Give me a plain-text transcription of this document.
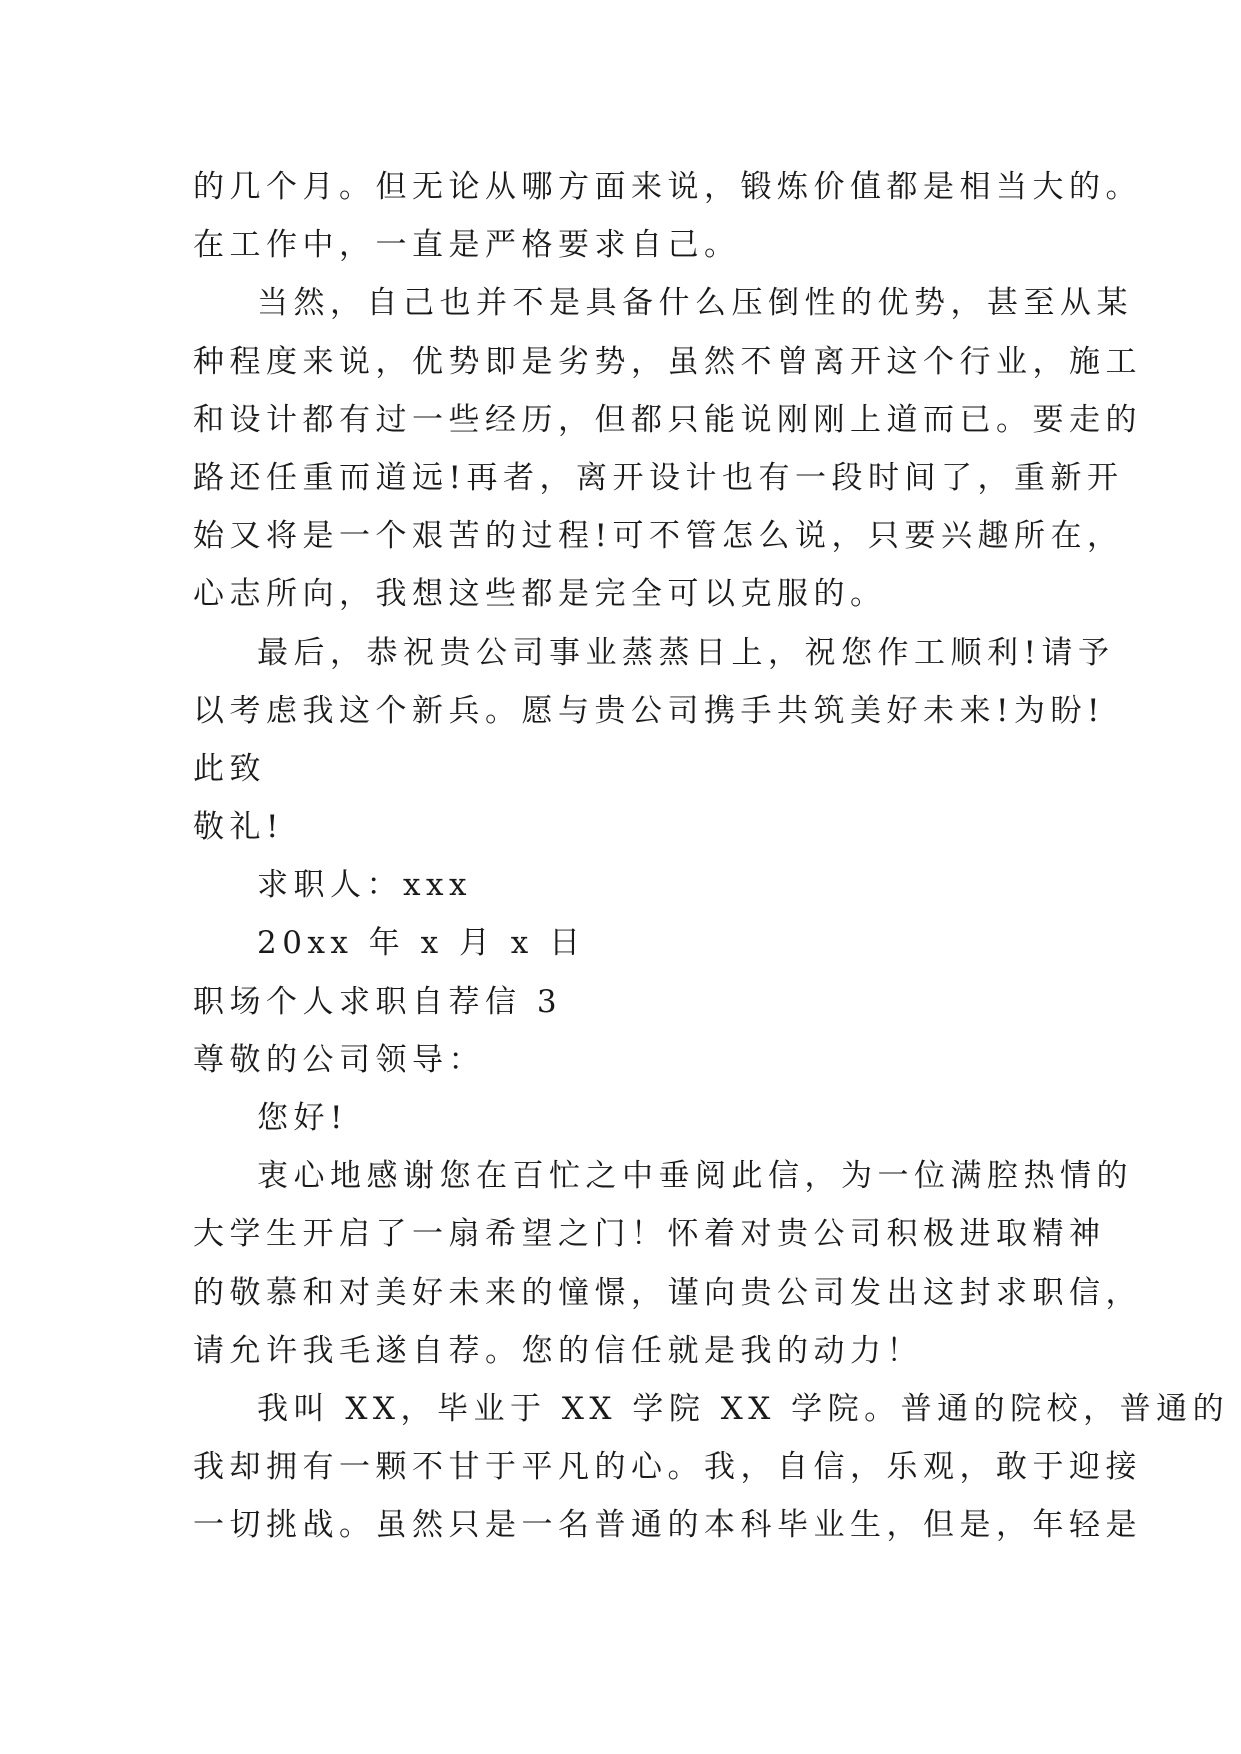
的几个月。但无论从哪方面来说，锻炼价值都是相当大的。
在工作中，一直是严格要求自己。
当然，自己也并不是具备什么压倒性的优势，甚至从某
种程度来说，优势即是劣势，虽然不曾离开这个行业，施工
和设计都有过一些经历，但都只能说刚刚上道而已。要走的
路还任重而道远!再者，离开设计也有一段时间了，重新开
始又将是一个艰苦的过程!可不管怎么说，只要兴趣所在，
心志所向，我想这些都是完全可以克服的。
最后，恭祝贵公司事业蒸蒸日上，祝您作工顺利!请予
以考虑我这个新兵。愿与贵公司携手共筑美好未来!为盼!
此致
敬礼!
求职人：xxx
20xx 年 x 月 x 日
职场个人求职自荐信 3
尊敬的公司领导：
您好!
衷心地感谢您在百忙之中垂阅此信，为一位满腔热情的
大学生开启了一扇希望之门！怀着对贵公司积极进取精神
的敬慕和对美好未来的憧憬，谨向贵公司发出这封求职信，
请允许我毛遂自荐。您的信任就是我的动力！
我叫 XX，毕业于 XX 学院 XX 学院。普通的院校，普通的
我却拥有一颗不甘于平凡的心。我，自信，乐观，敢于迎接
一切挑战。虽然只是一名普通的本科毕业生，但是，年轻是
